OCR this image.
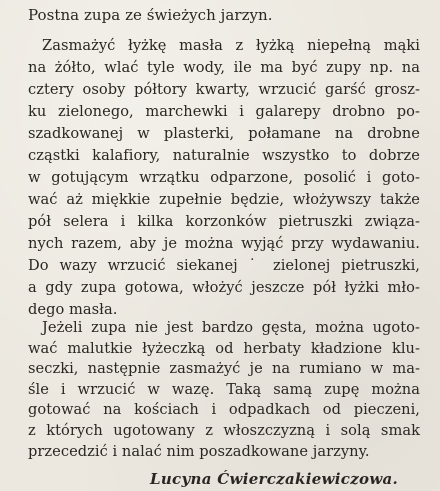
Postna zupa ze świeżych jarzyn.
Zasmażyć łyżkę masła z łyżką niepełną mąki
na żółto, wlać tyle wody, ile ma być zupy np. na
cztery osoby półtory kwarty, wrzucić garść grosz-
ku zielonego, marchewki i galarepy drobno po-
szadkowanej w plasterki, połamane na drobne
cząstki kalafiory, naturalnie wszystko to dobrze
w gotującym wrzątku odparzone, posolić i goto-
wać aż miękkie zupełnie będzie, włożywszy także
pół selera i kilka korzonków pietruszki związa-
nych razem, aby je można wyjąć przy wydawaniu.
Do wazy wrzucić siekanej ˙ zielonej pietruszki,
a gdy zupa gotowa, włożyć jeszcze pół łyżki mło-
dego masła.
Jeżeli zupa nie jest bardzo gęsta, można ugoto-
wać malutkie łyżeczką od herbaty kładzione klu-
seczki, następnie zasmażyć je na rumiano w ma-
śle i wrzucić w wazę. Taką samą zupę można
gotować na kościach i odpadkach od pieczeni,
z których ugotowany z włoszczyzną i solą smak
Lucyna Ćwierczakiewiczowa.
przecedzić i nalać nim poszadkowane jarzyny.
